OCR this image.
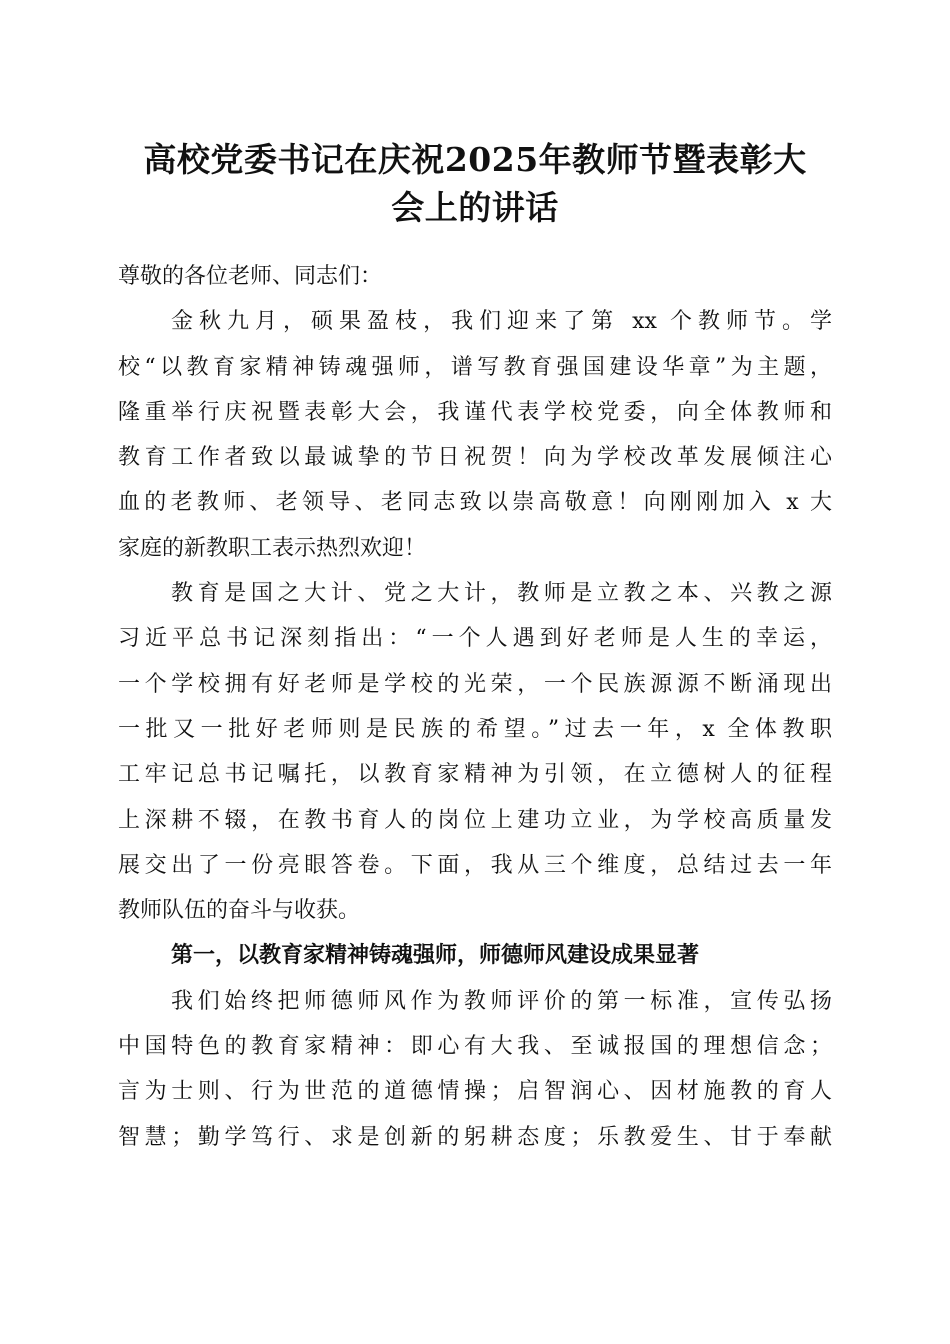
高校党委书记在庆祝2025年教师节暨表彰大
会上的讲话
尊敬的各位老师、同志们：
金秋九月，硕果盈枝，我们迎来了第 xx 个教师节。学
校“以教育家精神铸魂强师，谱写教育强国建设华章”为主题，
隆重举行庆祝暨表彰大会，我谨代表学校党委，向全体教师和
教育工作者致以最诚挚的节日祝贺！向为学校改革发展倾注心
血的老教师、老领导、老同志致以崇高敬意！向刚刚加入 x 大
家庭的新教职工表示热烈欢迎！
教育是国之大计、党之大计，教师是立教之本、兴教之源
习近平总书记深刻指出：“一个人遇到好老师是人生的幸运，
一个学校拥有好老师是学校的光荣，一个民族源源不断涌现出
一批又一批好老师则是民族的希望。”过去一年，x 全体教职
工牢记总书记嘱托，以教育家精神为引领，在立德树人的征程
上深耕不辍，在教书育人的岗位上建功立业，为学校高质量发
展交出了一份亮眼答卷。下面，我从三个维度，总结过去一年
教师队伍的奋斗与收获。
第一，以教育家精神铸魂强师，师德师风建设成果显著
我们始终把师德师风作为教师评价的第一标准，宣传弘扬
中国特色的教育家精神：即心有大我、至诚报国的理想信念；
言为士则、行为世范的道德情操；启智润心、因材施教的育人
智慧；勤学笃行、求是创新的躬耕态度；乐教爱生、甘于奉献
